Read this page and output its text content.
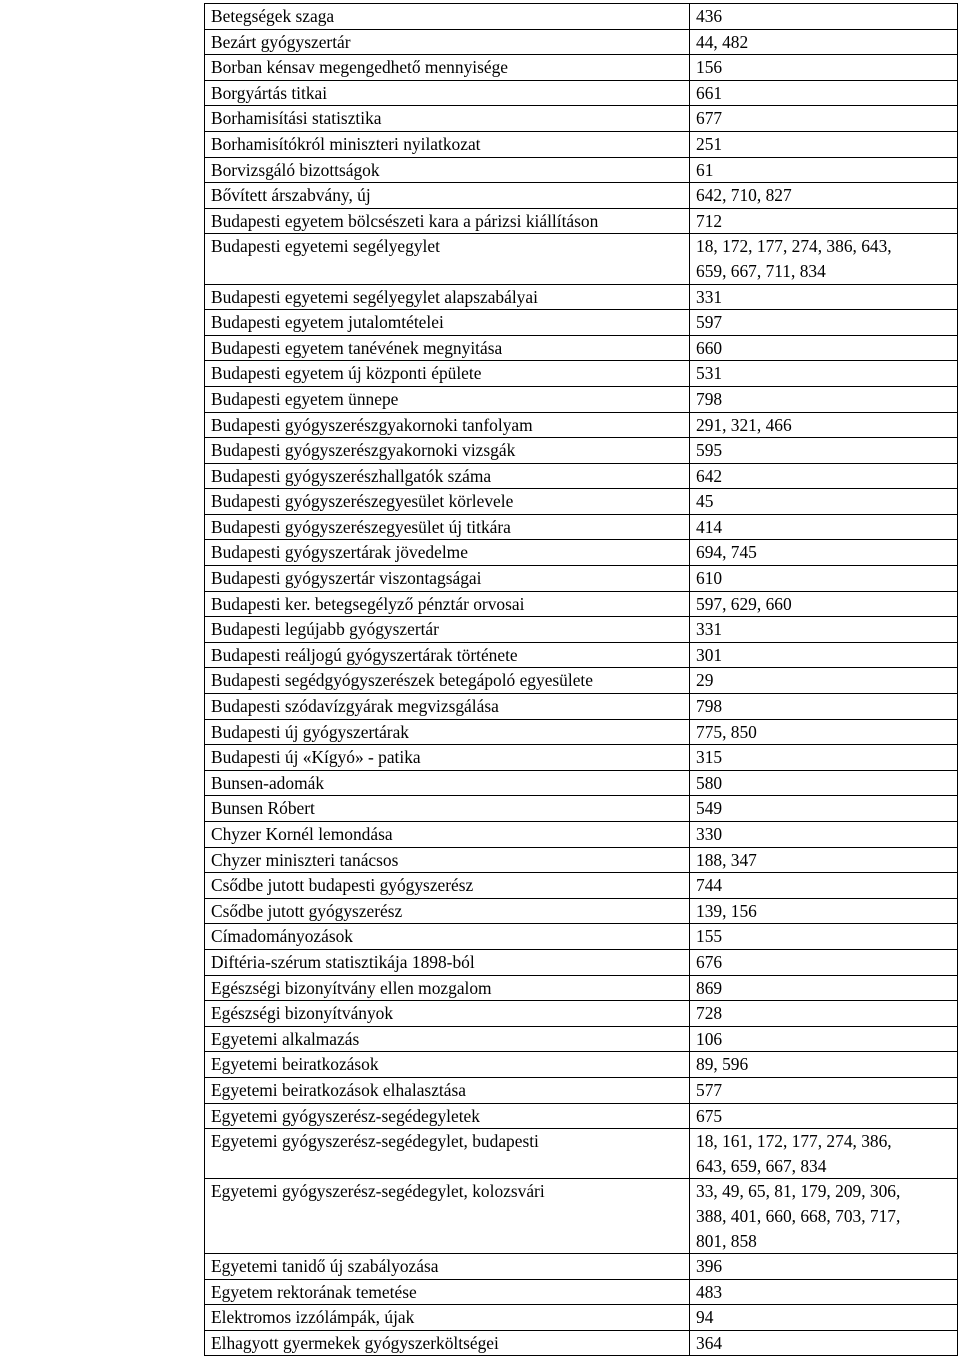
Betegségek szaga	436
Bezárt gyógyszertár	44, 482
Borban kénsav megengedhető mennyisége	156
Borgyártás titkai	661
Borhamisítási statisztika	677
Borhamisítókról miniszteri nyilatkozat	251
Borvizsgáló bizottságok	61
Bővített árszabvány, új	642, 710, 827
Budapesti egyetem bölcsészeti kara a párizsi kiállításon	712
Budapesti egyetemi segélyegylet	18, 172, 177, 274, 386, 643,
659, 667, 711, 834
Budapesti egyetemi segélyegylet alapszabályai	331
Budapesti egyetem jutalomtételei	597
Budapesti egyetem tanévének megnyitása	660
Budapesti egyetem új központi épülete	531
Budapesti egyetem ünnepe	798
Budapesti gyógyszerészgyakornoki tanfolyam	291, 321, 466
Budapesti gyógyszerészgyakornoki vizsgák	595
Budapesti gyógyszerészhallgatók száma	642
Budapesti gyógyszerészegyesület körlevele	45
Budapesti gyógyszerészegyesület új titkára	414
Budapesti gyógyszertárak jövedelme	694, 745
Budapesti gyógyszertár viszontagságai	610
Budapesti ker. betegsegélyző pénztár orvosai	597, 629, 660
Budapesti legújabb gyógyszertár	331
Budapesti reáljogú gyógyszertárak története	301
Budapesti segédgyógyszerészek betegápoló egyesülete	29
Budapesti szódavízgyárak megvizsgálása	798
Budapesti új gyógyszertárak	775, 850
Budapesti új «Kígyó» - patika	315
Bunsen-adomák	580
Bunsen Róbert	549
Chyzer Kornél lemondása	330
Chyzer miniszteri tanácsos	188, 347
Csődbe jutott budapesti gyógyszerész	744
Csődbe jutott gyógyszerész	139, 156
Címadományozások	155
Diftéria-szérum statisztikája 1898-ból	676
Egészségi bizonyítvány ellen mozgalom	869
Egészségi bizonyítványok	728
Egyetemi alkalmazás	106
Egyetemi beiratkozások	89, 596
Egyetemi beiratkozások elhalasztása	577
Egyetemi gyógyszerész-segédegyletek	675
Egyetemi gyógyszerész-segédegylet, budapesti	18, 161, 172, 177, 274, 386,
643, 659, 667, 834
Egyetemi gyógyszerész-segédegylet, kolozsvári	33, 49, 65, 81, 179, 209, 306,
388, 401, 660, 668, 703, 717,
801, 858
Egyetemi tanidő új szabályozása	396
Egyetem rektorának temetése	483
Elektromos izzólámpák, újak	94
Elhagyott gyermekek gyógyszerköltségei	364
